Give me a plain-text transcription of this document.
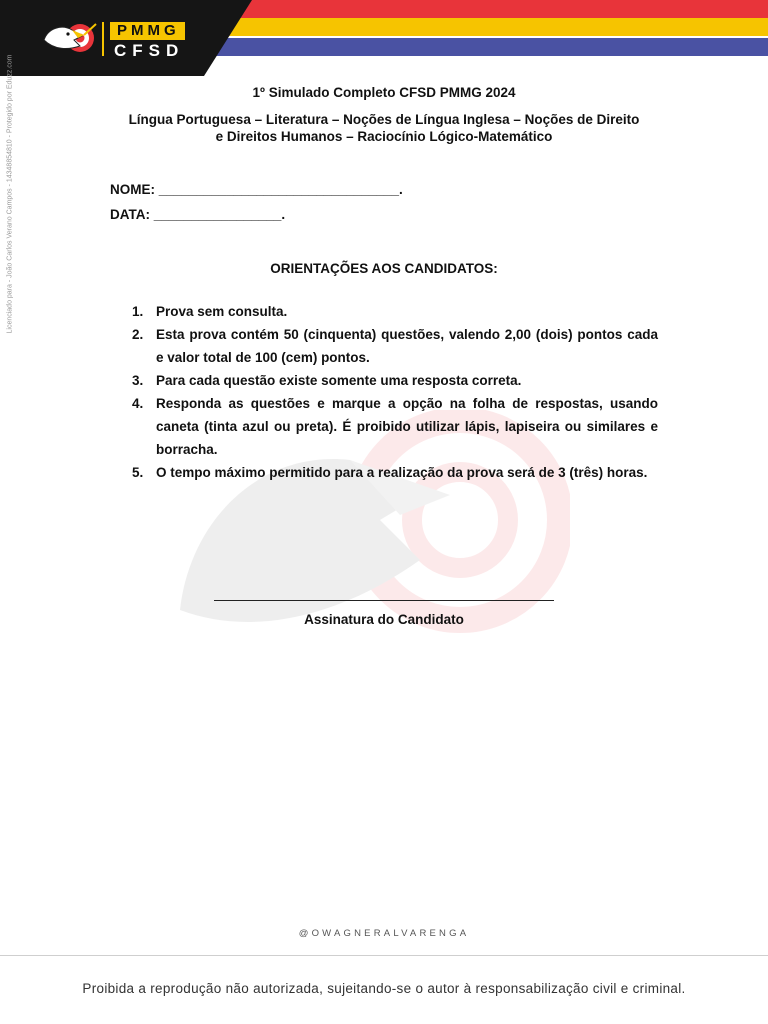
PMMG
CFSD
Licenciado para - João Carlos Verano Campos - 14348854810 - Protegido por Eduzz.com	1º Simulado Completo CFSD PMMG 2024
Língua Portuguesa – Literatura – Noções de Língua Inglesa – Noções de Direito
e Direitos Humanos – Raciocínio Lógico-Matemático
NOME: ________________________________.
DATA: _________________.
ORIENTAÇÕES AOS CANDIDATOS:
1. Prova sem consulta.
2. Esta prova contém 50 (cinquenta) questões, valendo 2,00 (dois) pontos cada e valor total de 100 (cem) pontos.
3. Para cada questão existe somente uma resposta correta.
4. Responda as questões e marque a opção na folha de respostas, usando caneta (tinta azul ou preta). É proibido utilizar lápis, lapiseira ou similares e borracha.
5. O tempo máximo permitido para a realização da prova será de 3 (três) horas.
Assinatura do Candidato
@OWAGNERALVARENGA
Proibida a reprodução não autorizada, sujeitando-se o autor à responsabilização civil e criminal.
